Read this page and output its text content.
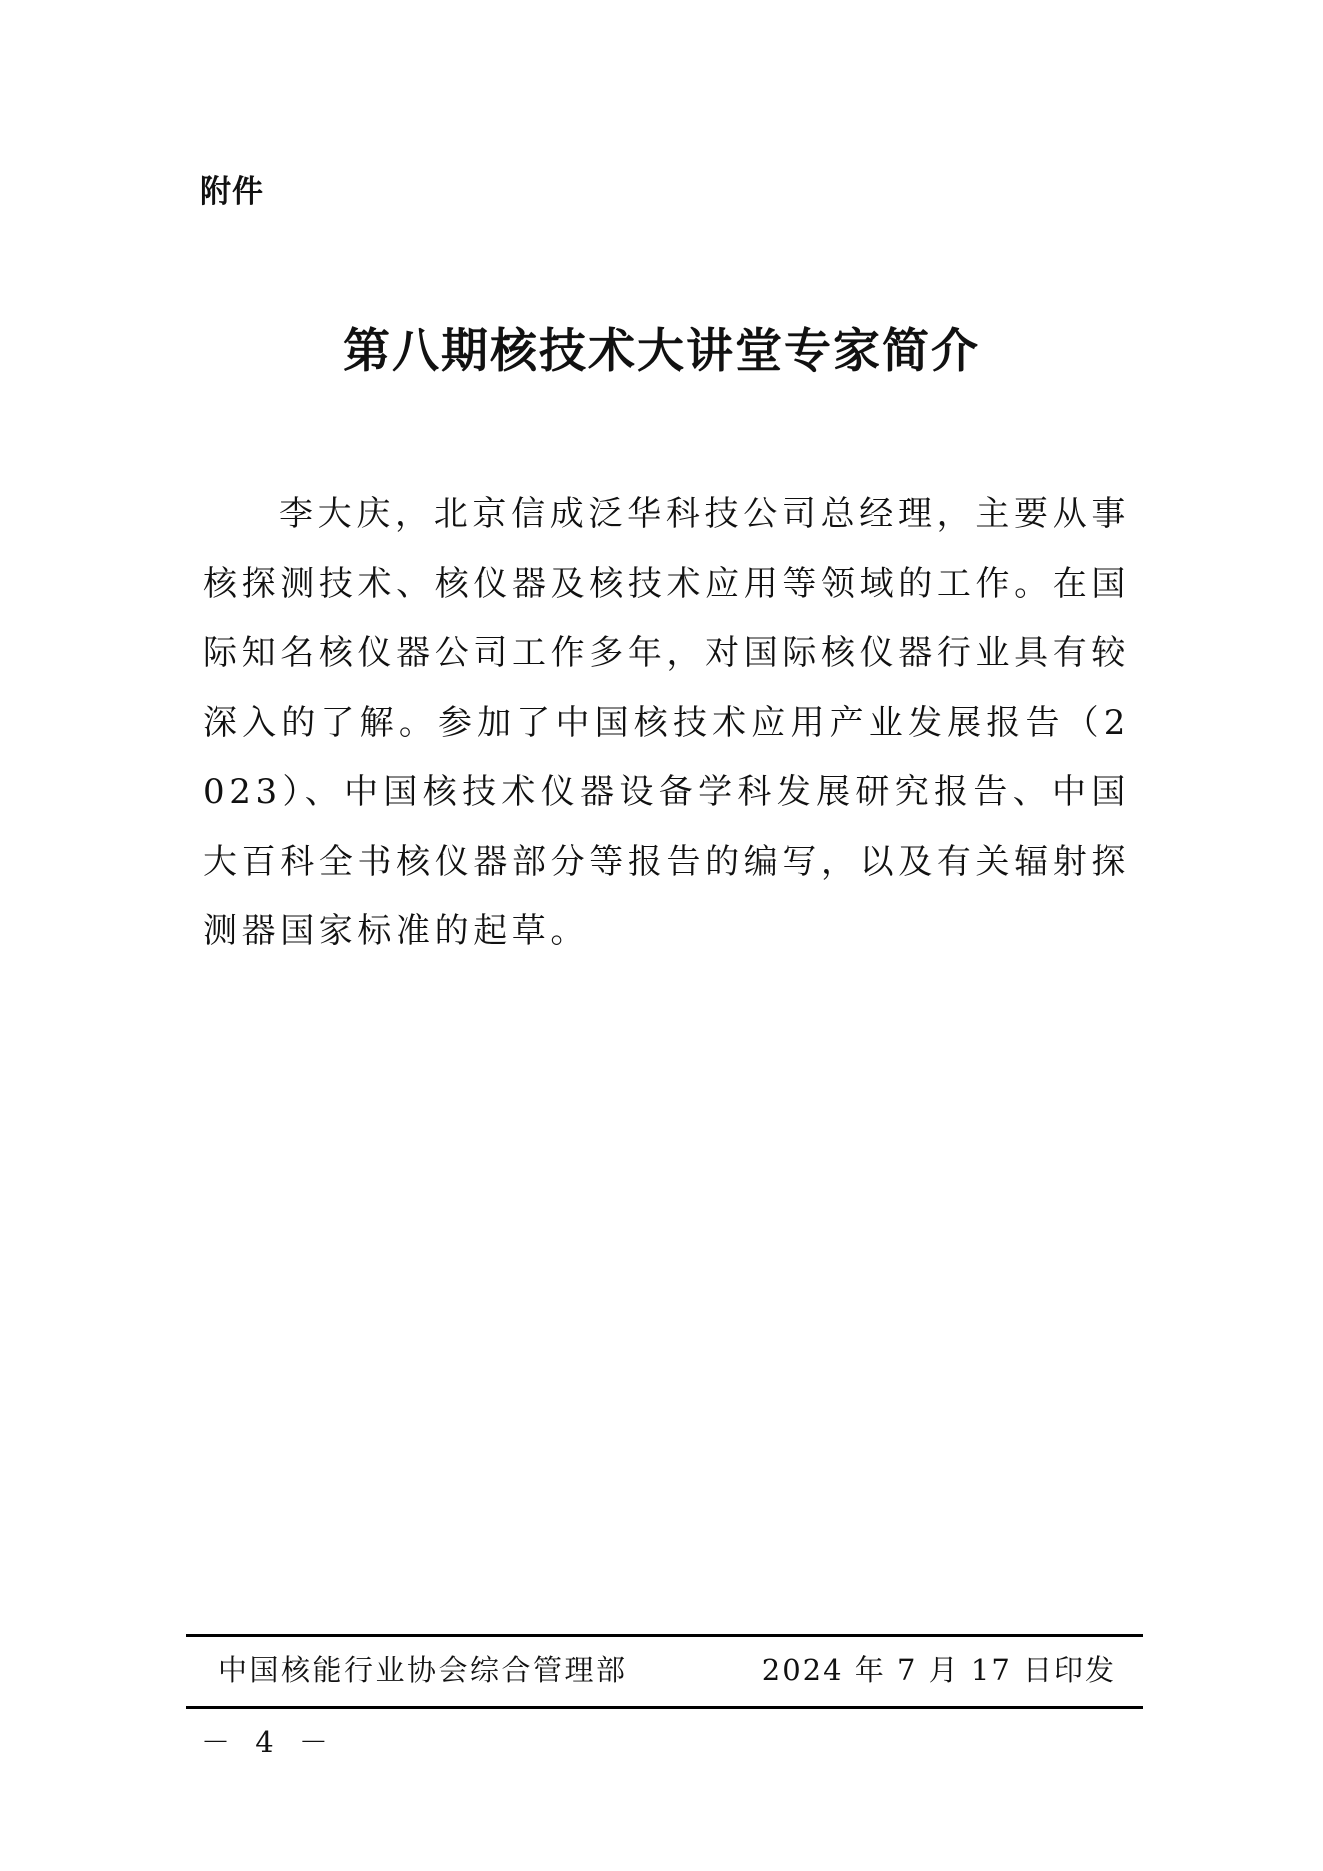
附件
第八期核技术大讲堂专家简介
李大庆，北京信成泛华科技公司总经理，主要从事核探测技术、核仪器及核技术应用等领域的工作。在国际知名核仪器公司工作多年，对国际核仪器行业具有较深入的了解。参加了中国核技术应用产业发展报告（2023）、中国核技术仪器设备学科发展研究报告、中国大百科全书核仪器部分等报告的编写，以及有关辐射探测器国家标准的起草。
中国核能行业协会综合管理部	2024 年 7 月 17 日印发
－ 4 －
